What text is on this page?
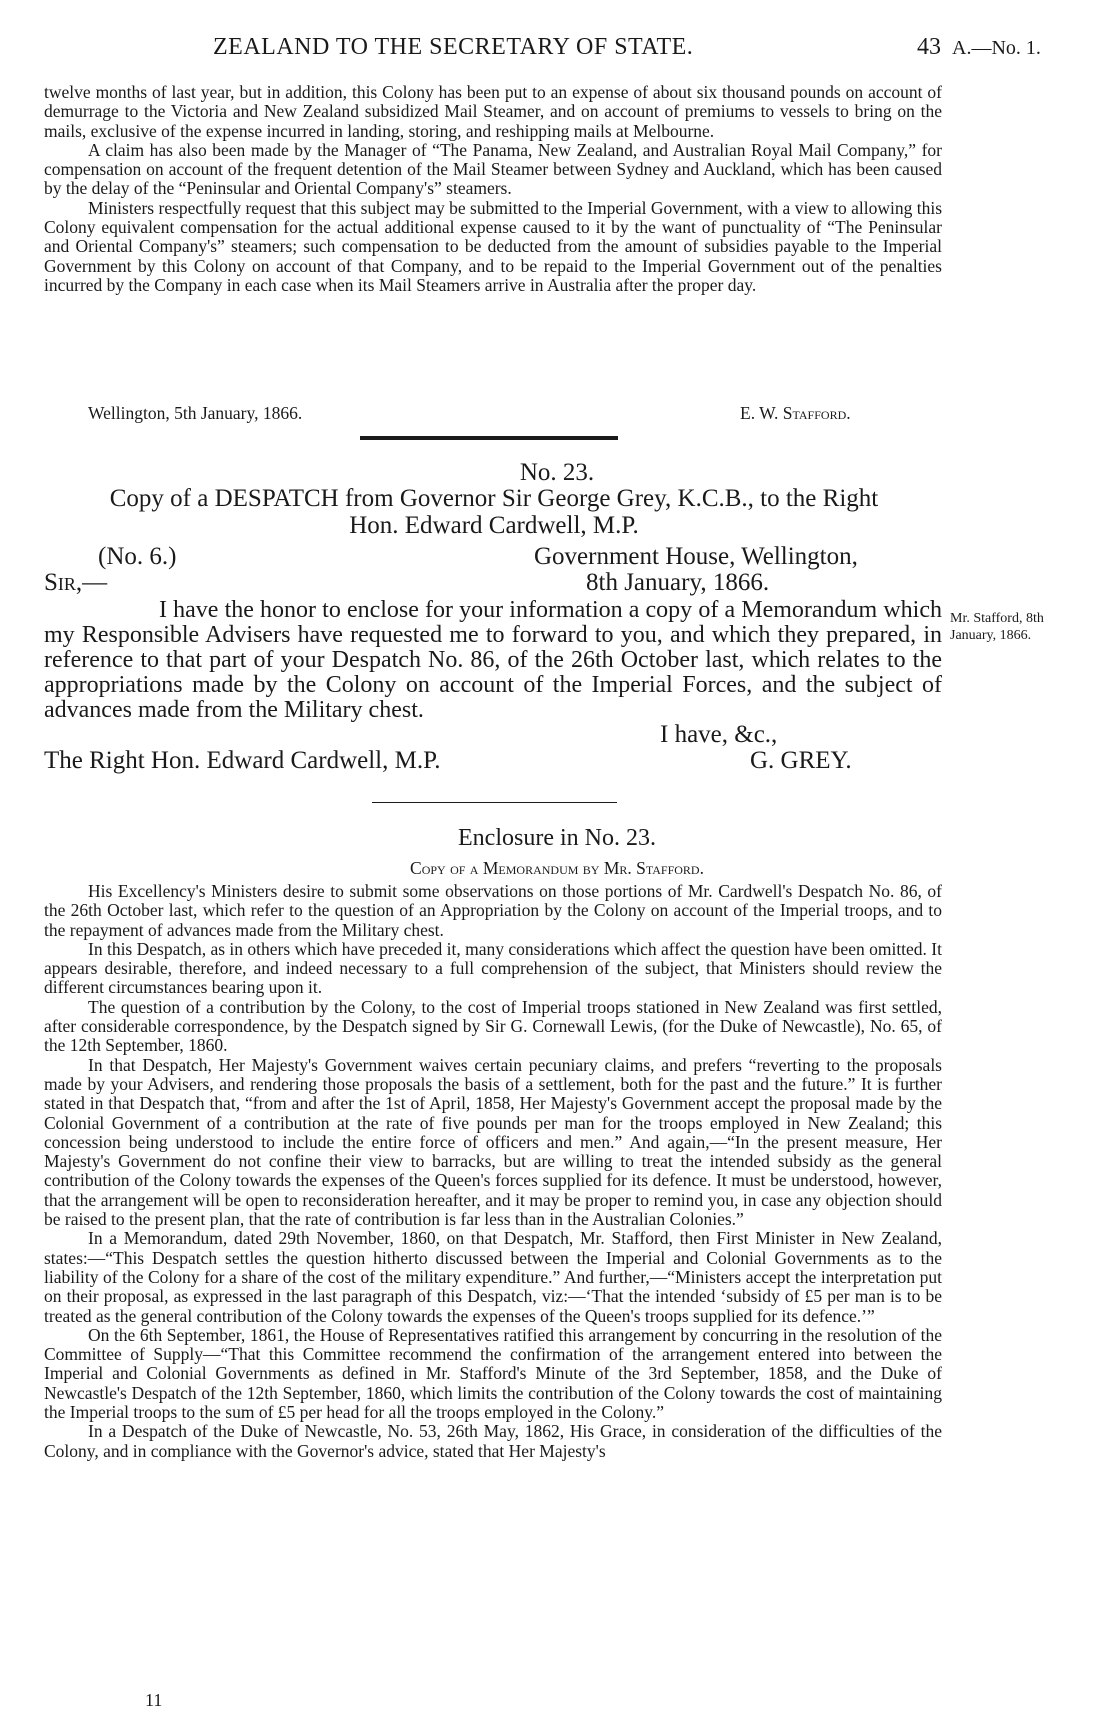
ZEALAND TO THE SECRETARY OF STATE.	43 A.—No. 1.

twelve months of last year, but in addition, this Colony has been put to an expense of about six thousand pounds on account of demurrage to the Victoria and New Zealand subsidized Mail Steamer, and on account of premiums to vessels to bring on the mails, exclusive of the expense incurred in landing, storing, and reshipping mails at Melbourne.

A claim has also been made by the Manager of “The Panama, New Zealand, and Australian Royal Mail Company,” for compensation on account of the frequent detention of the Mail Steamer between Sydney and Auckland, which has been caused by the delay of the “Peninsular and Oriental Company's” steamers.

Ministers respectfully request that this subject may be submitted to the Imperial Government, with a view to allowing this Colony equivalent compensation for the actual additional expense caused to it by the want of punctuality of “The Peninsular and Oriental Company's” steamers; such compensation to be deducted from the amount of subsidies payable to the Imperial Government by this Colony on account of that Company, and to be repaid to the Imperial Government out of the penalties incurred by the Company in each case when its Mail Steamers arrive in Australia after the proper day.

Wellington, 5th January, 1866.	E. W. Stafford.
No. 23.
Copy of a DESPATCH from Governor Sir George Grey, K.C.B., to the Right
Hon. Edward Cardwell, M.P.
(No. 6.)	Government House, Wellington,
Sir,—	8th January, 1866.

I have the honor to enclose for your information a copy of a Memorandum which my Responsible Advisers have requested me to forward to you, and which they prepared, in reference to that part of your Despatch No. 86, of the 26th October last, which relates to the appropriations made by the Colony on account of the Imperial Forces, and the subject of advances made from the Military chest.

Mr. Stafford, 8th
January, 1866.
I have, &c.,
The Right Hon. Edward Cardwell, M.P.	G. GREY.
Enclosure in No. 23.
Copy of a Memorandum by Mr. Stafford.

His Excellency's Ministers desire to submit some observations on those portions of Mr. Cardwell's Despatch No. 86, of the 26th October last, which refer to the question of an Appropriation by the Colony on account of the Imperial troops, and to the repayment of advances made from the Military chest.

In this Despatch, as in others which have preceded it, many considerations which affect the question have been omitted. It appears desirable, therefore, and indeed necessary to a full comprehension of the subject, that Ministers should review the different circumstances bearing upon it.

The question of a contribution by the Colony, to the cost of Imperial troops stationed in New Zealand was first settled, after considerable correspondence, by the Despatch signed by Sir G. Cornewall Lewis, (for the Duke of Newcastle), No. 65, of the 12th September, 1860.

In that Despatch, Her Majesty's Government waives certain pecuniary claims, and prefers “reverting to the proposals made by your Advisers, and rendering those proposals the basis of a settlement, both for the past and the future.” It is further stated in that Despatch that, “from and after the 1st of April, 1858, Her Majesty's Government accept the proposal made by the Colonial Government of a contribution at the rate of five pounds per man for the troops employed in New Zealand; this concession being understood to include the entire force of officers and men.” And again,—“In the present measure, Her Majesty's Government do not confine their view to barracks, but are willing to treat the intended subsidy as the general contribution of the Colony towards the expenses of the Queen's forces supplied for its defence. It must be understood, however, that the arrangement will be open to reconsideration hereafter, and it may be proper to remind you, in case any objection should be raised to the present plan, that the rate of contribution is far less than in the Australian Colonies.”

In a Memorandum, dated 29th November, 1860, on that Despatch, Mr. Stafford, then First Minister in New Zealand, states:—“This Despatch settles the question hitherto discussed between the Imperial and Colonial Governments as to the liability of the Colony for a share of the cost of the military expenditure.” And further,—“Ministers accept the interpretation put on their proposal, as expressed in the last paragraph of this Despatch, viz:—‘That the intended ‘subsidy of £5 per man is to be treated as the general contribution of the Colony towards the expenses of the Queen's troops supplied for its defence.’”

On the 6th September, 1861, the House of Representatives ratified this arrangement by concurring in the resolution of the Committee of Supply—“That this Committee recommend the confirmation of the arrangement entered into between the Imperial and Colonial Governments as defined in Mr. Stafford's Minute of the 3rd September, 1858, and the Duke of Newcastle's Despatch of the 12th September, 1860, which limits the contribution of the Colony towards the cost of maintaining the Imperial troops to the sum of £5 per head for all the troops employed in the Colony.”

In a Despatch of the Duke of Newcastle, No. 53, 26th May, 1862, His Grace, in consideration of the difficulties of the Colony, and in compliance with the Governor's advice, stated that Her Majesty's

11
